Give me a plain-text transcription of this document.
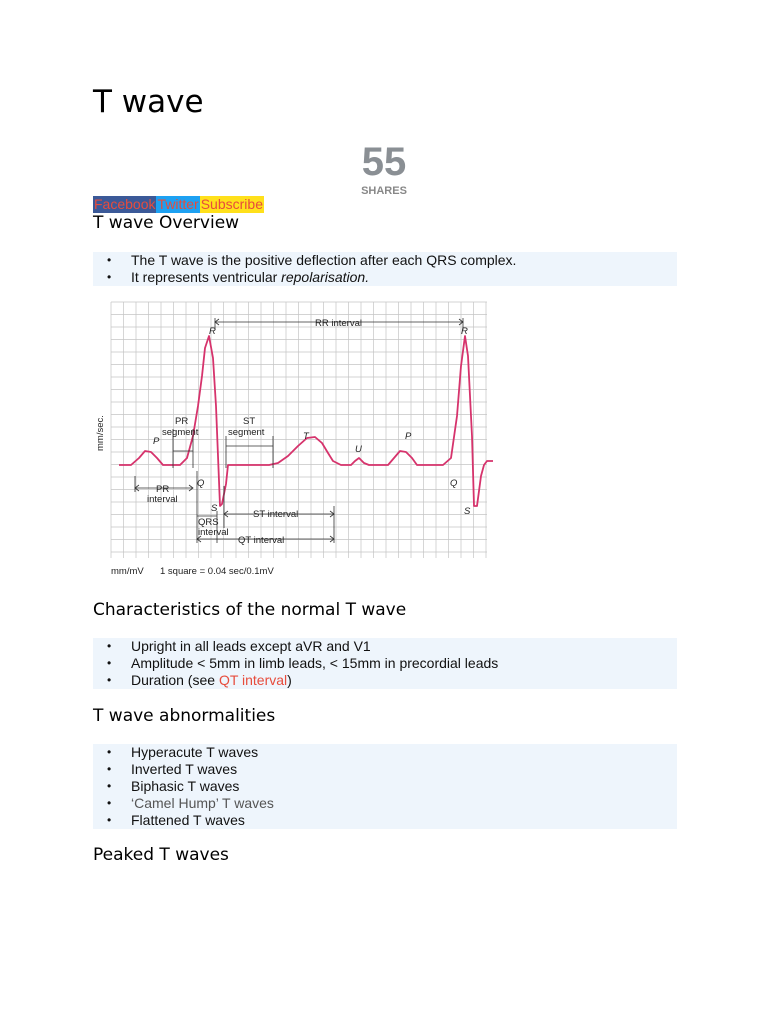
T wave
55
SHARES
Facebook Twitter Subscribe
T wave Overview
• The T wave is the positive deflection after each QRS complex.
• It represents ventricular repolarisation.
RR interval
R	R
P	P
T
U
Q	Q
S	S
PR
segment
ST
segment
PR
interval
QRS
interval
ST interval
QT interval
mm/sec.
mm/mV 1 square = 0.04 sec/0.1mV
Characteristics of the normal T wave
• Upright in all leads except aVR and V1
• Amplitude < 5mm in limb leads, < 15mm in precordial leads
• Duration (see QT interval)
T wave abnormalities
• Hyperacute T waves
• Inverted T waves
• Biphasic T waves
• ‘Camel Hump’ T waves
• Flattened T waves
Peaked T waves
